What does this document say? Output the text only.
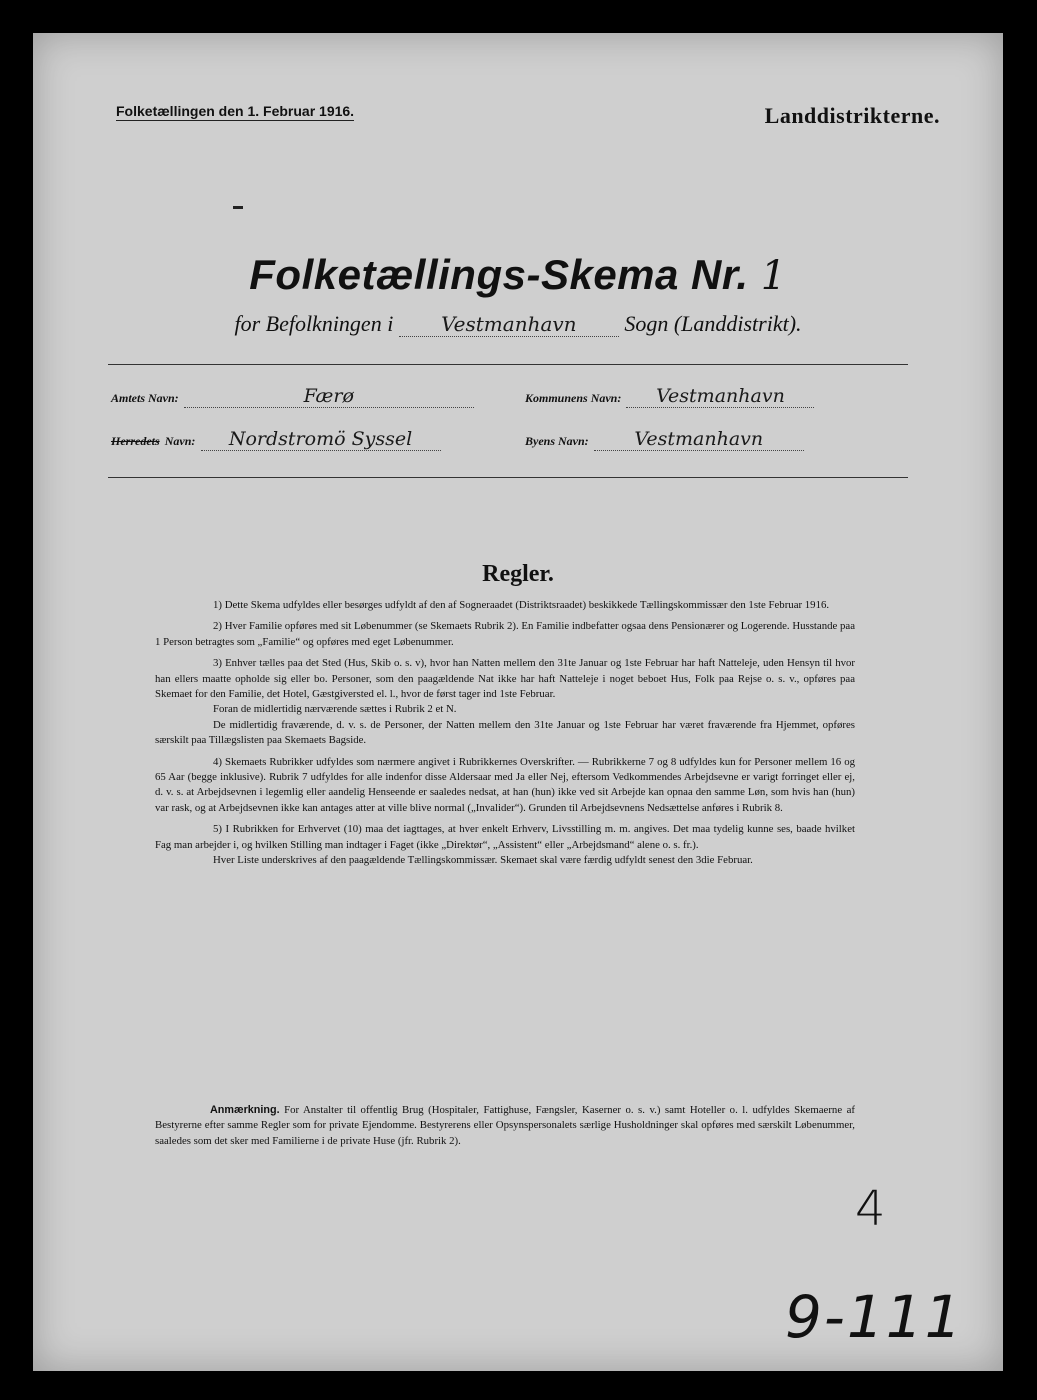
Folketællingen den 1. Februar 1916.	Landdistrikterne.
Folketællings-Skema Nr. 1
for Befolkningen i Vestmanhavn Sogn (Landdistrikt).
Amtets Navn:	Færø	Kommunens Navn: Vestmanhavn
Herredets Navn: Nordstromö Syssel	Byens Navn: Vestmanhavn
Regler.

1) Dette Skema udfyldes eller besørges udfyldt af den af Sogneraadet (Distriktsraadet) beskikkede Tællingskommissær den 1ste Februar 1916.

2) Hver Familie opføres med sit Løbenummer (se Skemaets Rubrik 2). En Familie indbefatter ogsaa dens Pensionærer og Logerende. Husstande paa 1 Person betragtes som „Familie“ og opføres med eget Løbenummer.

3) Enhver tælles paa det Sted (Hus, Skib o. s. v), hvor han Natten mellem den 31te Januar og 1ste Februar har haft Natteleje, uden Hensyn til hvor han ellers maatte opholde sig eller bo. Personer, som den paagældende Nat ikke har haft Natteleje i noget beboet Hus, Folk paa Rejse o. s. v., opføres paa Skemaet for den Familie, det Hotel, Gæstgiversted el. l., hvor de først tager ind 1ste Februar.

Foran de midlertidig nærværende sættes i Rubrik 2 et N.

De midlertidig fraværende, d. v. s. de Personer, der Natten mellem den 31te Januar og 1ste Februar har været fraværende fra Hjemmet, opføres særskilt paa Tillægslisten paa Skemaets Bagside.

4) Skemaets Rubrikker udfyldes som nærmere angivet i Rubrikkernes Overskrifter. — Rubrikkerne 7 og 8 udfyldes kun for Personer mellem 16 og 65 Aar (begge inklusive). Rubrik 7 udfyldes for alle indenfor disse Aldersaar med Ja eller Nej, eftersom Vedkommendes Arbejdsevne er varigt forringet eller ej, d. v. s. at Arbejdsevnen i legemlig eller aandelig Henseende er saaledes nedsat, at han (hun) ikke ved sit Arbejde kan opnaa den samme Løn, som hvis han (hun) var rask, og at Arbejdsevnen ikke kan antages atter at ville blive normal („Invalider“). Grunden til Arbejdsevnens Nedsættelse anføres i Rubrik 8.

5) I Rubrikken for Erhvervet (10) maa det iagttages, at hver enkelt Erhverv, Livsstilling m. m. angives. Det maa tydelig kunne ses, baade hvilket Fag man arbejder i, og hvilken Stilling man indtager i Faget (ikke „Direktør“, „Assistent“ eller „Arbejdsmand“ alene o. s. fr.).

Hver Liste underskrives af den paagældende Tællingskommissær. Skemaet skal være færdig udfyldt senest den 3die Februar.

Anmærkning. For Anstalter til offentlig Brug (Hospitaler, Fattighuse, Fængsler, Kaserner o. s. v.) samt Hoteller o. l. udfyldes Skemaerne af Bestyrerne efter samme Regler som for private Ejendomme. Bestyrerens eller Opsynspersonalets særlige Husholdninger skal opføres med særskilt Løbenummer, saaledes som det sker med Familierne i de private Huse (jfr. Rubrik 2).
4
9-111
